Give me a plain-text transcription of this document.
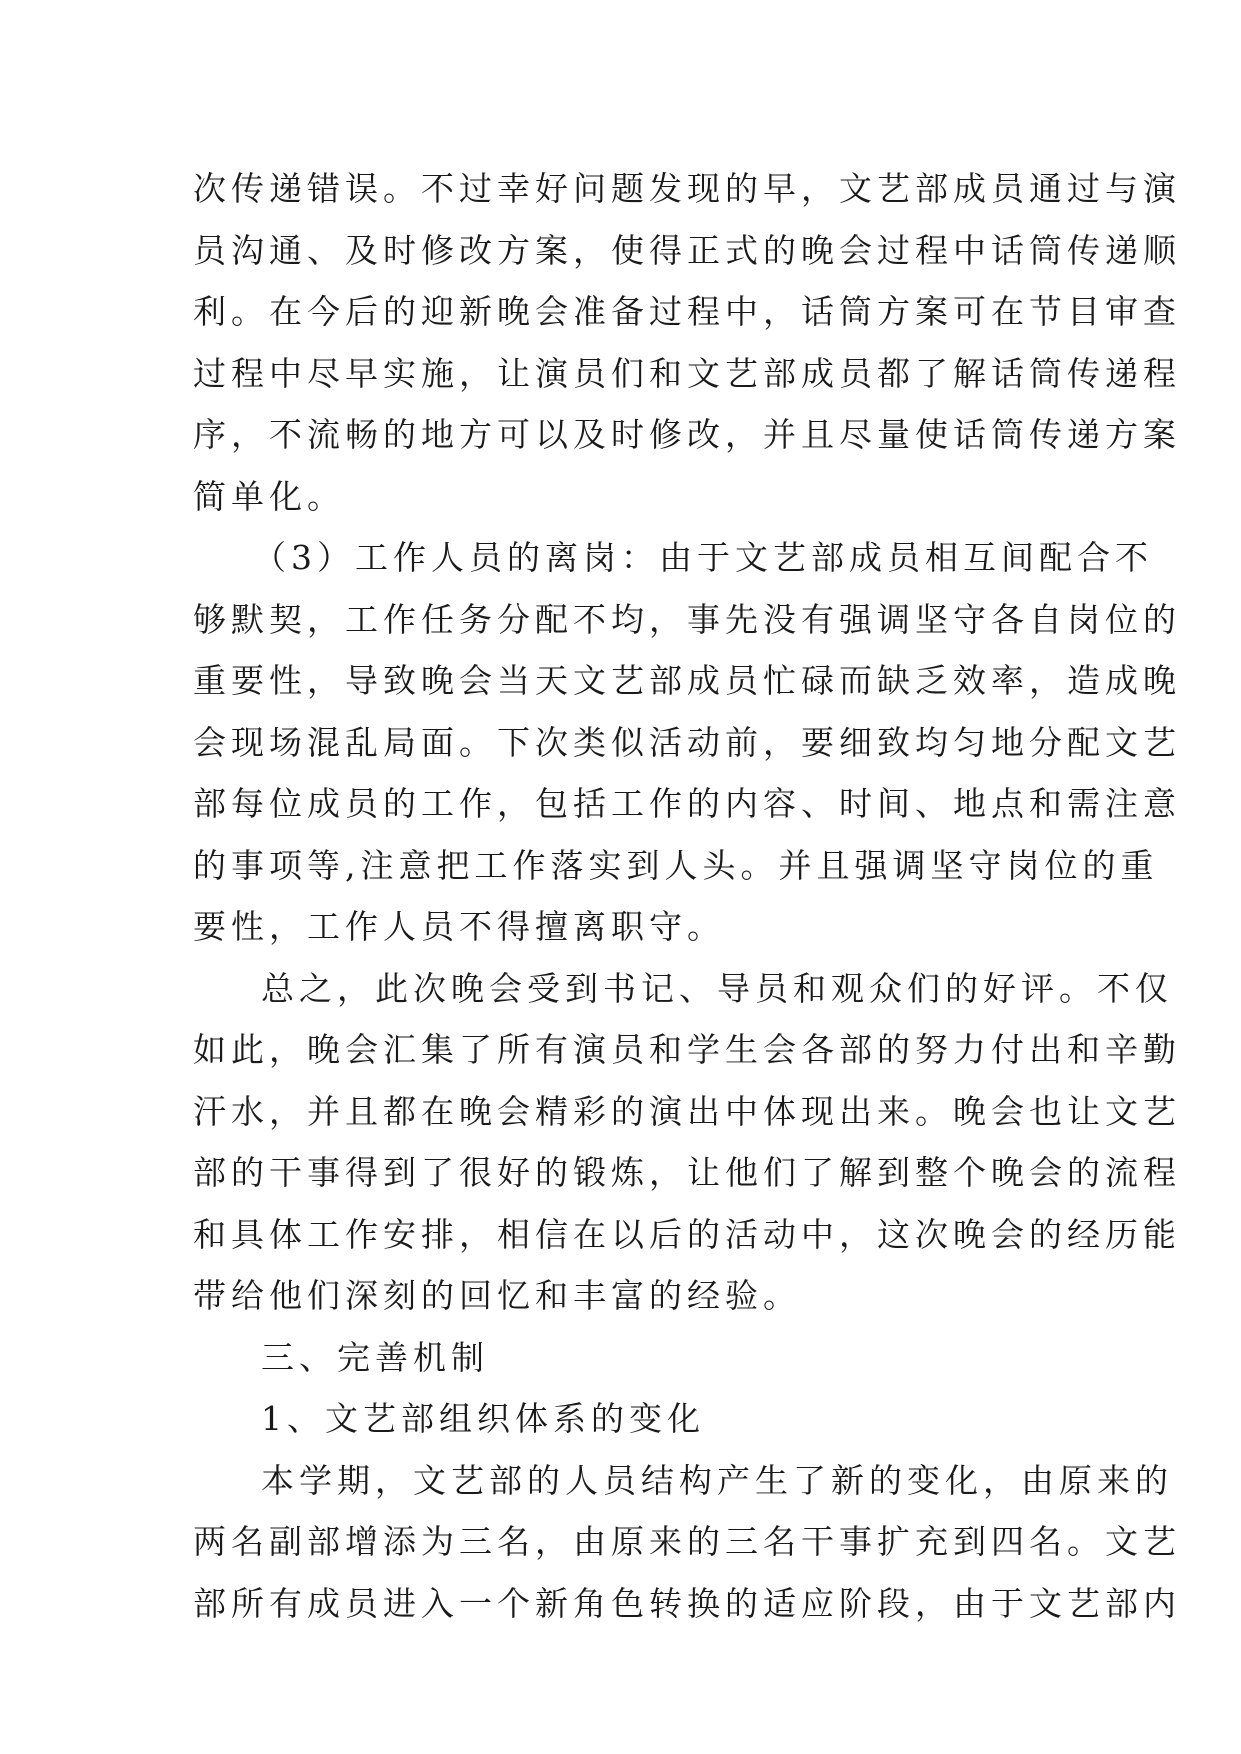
次传递错误。不过幸好问题发现的早，文艺部成员通过与演
员沟通、及时修改方案，使得正式的晚会过程中话筒传递顺
利。在今后的迎新晚会准备过程中，话筒方案可在节目审查
过程中尽早实施，让演员们和文艺部成员都了解话筒传递程
序，不流畅的地方可以及时修改，并且尽量使话筒传递方案
简单化。
（3）工作人员的离岗：由于文艺部成员相互间配合不
够默契，工作任务分配不均，事先没有强调坚守各自岗位的
重要性，导致晚会当天文艺部成员忙碌而缺乏效率，造成晚
会现场混乱局面。下次类似活动前，要细致均匀地分配文艺
部每位成员的工作，包括工作的内容、时间、地点和需注意
的事项等,注意把工作落实到人头。并且强调坚守岗位的重
要性，工作人员不得擅离职守。
总之，此次晚会受到书记、导员和观众们的好评。不仅
如此，晚会汇集了所有演员和学生会各部的努力付出和辛勤
汗水，并且都在晚会精彩的演出中体现出来。晚会也让文艺
部的干事得到了很好的锻炼，让他们了解到整个晚会的流程
和具体工作安排，相信在以后的活动中，这次晚会的经历能
带给他们深刻的回忆和丰富的经验。
三、完善机制
1、文艺部组织体系的变化
本学期，文艺部的人员结构产生了新的变化，由原来的
两名副部增添为三名，由原来的三名干事扩充到四名。文艺
部所有成员进入一个新角色转换的适应阶段，由于文艺部内
